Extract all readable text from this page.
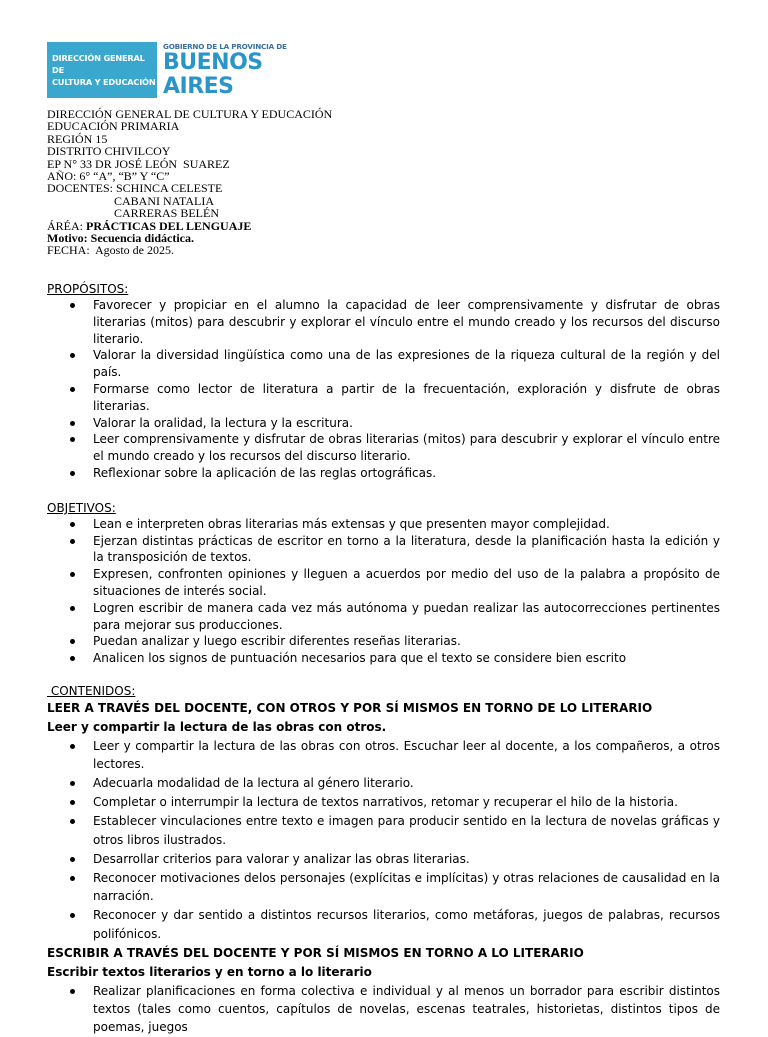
DIRECCIÓN GENERAL DE
CULTURA Y EDUCACIÓN
GOBIERNO DE LA PROVINCIA DE
BUENOS AIRES
DIRECCIÓN GENERAL DE CULTURA Y EDUCACIÓN
EDUCACIÓN PRIMARIA
REGIÓN 15
DISTRITO CHIVILCOY
EP N° 33 DR JOSÉ LEÓN  SUAREZ
AÑO: 6° “A”, “B” Y “C”
DOCENTES: SCHINCA CELESTE
CABANI NATALIA
CARRERAS BELÉN
ÁRÉA: PRÁCTICAS DEL LENGUAJE
Motivo: Secuencia didáctica.
FECHA:  Agosto de 2025.
PROPÓSITOS:
Favorecer y propiciar en el alumno la capacidad de leer comprensivamente y disfrutar de obras literarias (mitos) para descubrir y explorar el vínculo entre el mundo creado y los recursos del discurso literario.
Valorar la diversidad lingüística como una de las expresiones de la riqueza cultural de la región y del país.
Formarse como lector de literatura a partir de la frecuentación, exploración y disfrute de obras literarias.
Valorar la oralidad, la lectura y la escritura.
Leer comprensivamente y disfrutar de obras literarias (mitos) para descubrir y explorar el vínculo entre el mundo creado y los recursos del discurso literario.
Reflexionar sobre la aplicación de las reglas ortográficas.
OBJETIVOS:
Lean e interpreten obras literarias más extensas y que presenten mayor complejidad.
Ejerzan distintas prácticas de escritor en torno a la literatura, desde la planificación hasta la edición y la transposición de textos.
Expresen, confronten opiniones y lleguen a acuerdos por medio del uso de la palabra a propósito de situaciones de interés social.
Logren escribir de manera cada vez más autónoma y puedan realizar las autocorrecciones pertinentes para mejorar sus producciones.
Puedan analizar y luego escribir diferentes reseñas literarias.
Analicen los signos de puntuación necesarios para que el texto se considere bien escrito
CONTENIDOS:
LEER A TRAVÉS DEL DOCENTE, CON OTROS Y POR SÍ MISMOS EN TORNO DE LO LITERARIO
Leer y compartir la lectura de las obras con otros.
Leer y compartir la lectura de las obras con otros. Escuchar leer al docente, a los compañeros, a otros lectores.
Adecuarla modalidad de la lectura al género literario.
Completar o interrumpir la lectura de textos narrativos, retomar y recuperar el hilo de la historia.
Establecer vinculaciones entre texto e imagen para producir sentido en la lectura de novelas gráficas y otros libros ilustrados.
Desarrollar criterios para valorar y analizar las obras literarias.
Reconocer motivaciones delos personajes (explícitas e implícitas) y otras relaciones de causalidad en la narración.
Reconocer y dar sentido a distintos recursos literarios, como metáforas, juegos de palabras, recursos polifónicos.
ESCRIBIR A TRAVÉS DEL DOCENTE Y POR SÍ MISMOS EN TORNO A LO LITERARIO
Escribir textos literarios y en torno a lo literario
Realizar planificaciones en forma colectiva e individual y al menos un borrador para escribir distintos textos (tales como cuentos, capítulos de novelas, escenas teatrales, historietas, distintos tipos de poemas, juegos
